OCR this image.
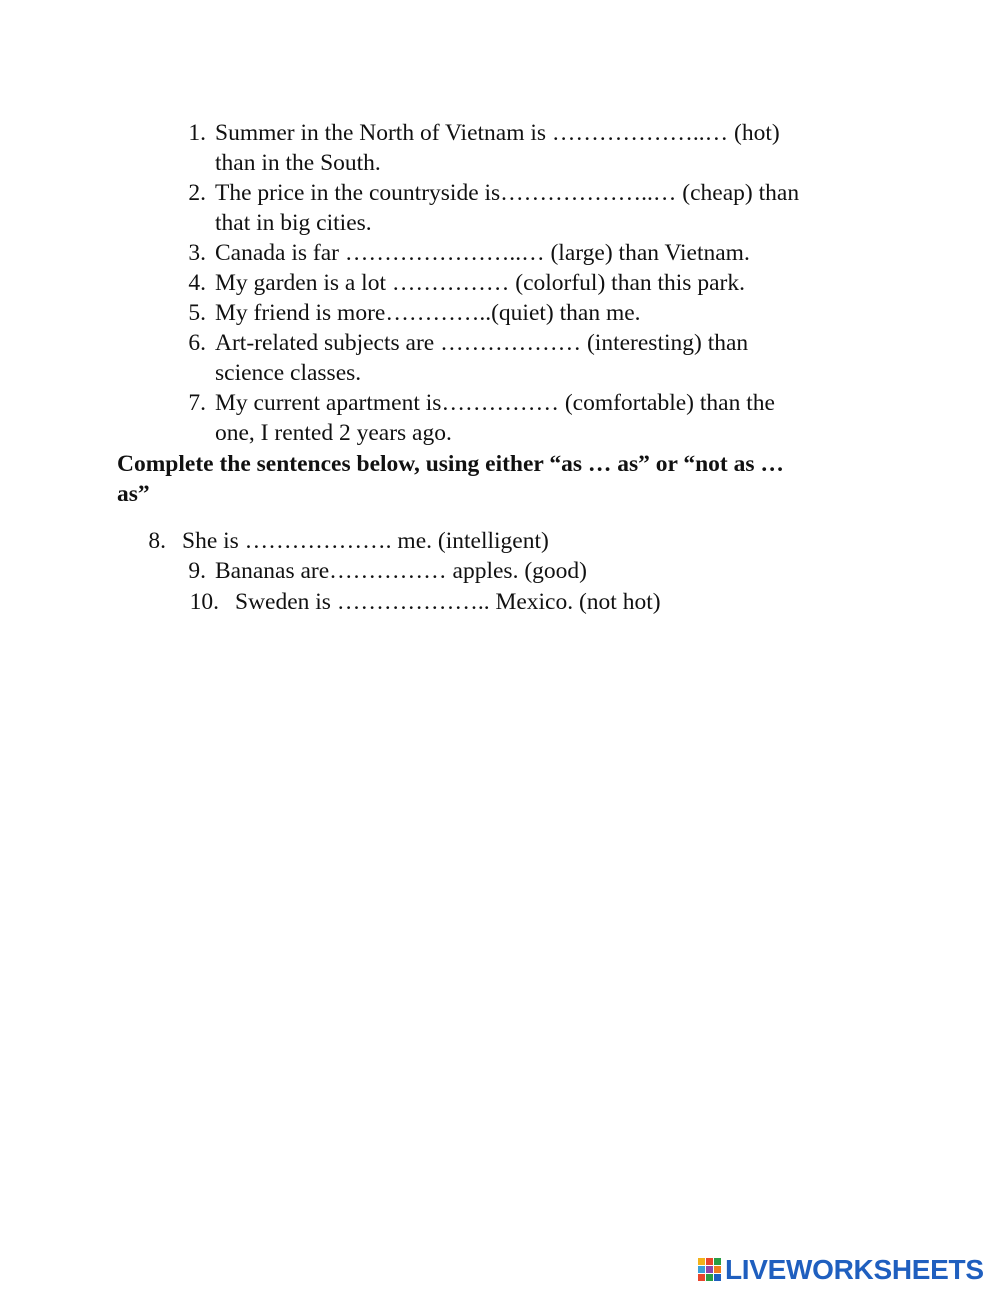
1. Summer in the North of Vietnam is ………………..… (hot)
than in the South.
2. The price in the countryside is………………..… (cheap) than
that in big cities.
3. Canada is far …………………..… (large) than Vietnam.
4. My garden is a lot …………… (colorful) than this park.
5. My friend is more…………..(quiet) than me.
6. Art-related subjects are ……………… (interesting) than
science classes.
7. My current apartment is…………… (comfortable) than the
one, I rented 2 years ago.
Complete the sentences below, using either “as … as” or “not as …
as”
8. She is ………………. me. (intelligent)
9. Bananas are…………… apples. (good)
10. Sweden is ……………….. Mexico. (not hot)
LIVEWORKSHEETS
